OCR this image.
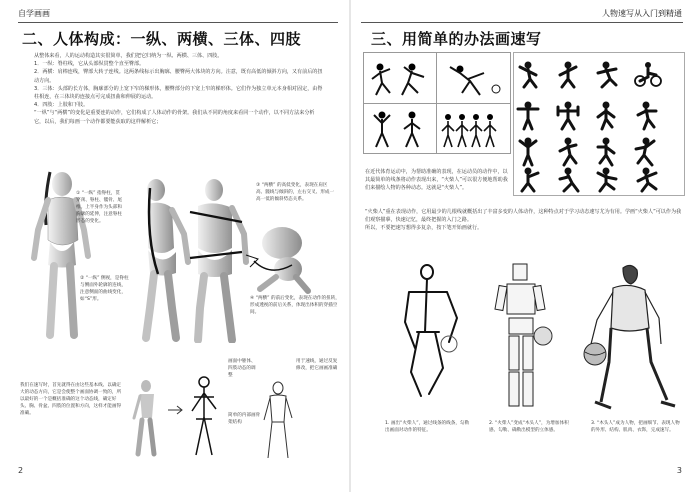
自学画画
二、人体构成：一纵、两横、三体、四肢

从整体来看，人的运动构造其实很简单，我们把它归纳为一纵、两横、三体、四肢。

1．一纵：脊柱线，它从头部纵贯整个直至臀部。

2．两横：肩棒连线，臀部大转子连线。这两条线标示出胸廓、腰臀两大体块的方向。注意，既有高低的倾斜方向，又有前后的扭动方向。

3．三体：头部的长方体，胸廓部分的上宽下窄的梯形体，腰臀部分的下宽上窄的梯形体。它们作为独立单元本身相对固定，由脊柱相连，在三体块的连接点可完成扭曲和伸展的运动。

4．四肢：上肢和下肢。

“一纵”与“两横”的变化是重要连的动作，它们构成了人体动作的骨架。我们从不同的角度来看同一个动作，以不同方法来分析它，以后，我们每画一个动作都要能获取的这样解析它；

① “一纵” 指脊柱，贯穿颈、脊柱、骶骨、尾椎。上半身作为头部和胸廓的延伸，注意脊柱形态的变化。
② “一纵” 侧视，是脊柱与侧面外轮廓的连线，注意侧面的曲线变化，如“S”形。
③ “两横” 的高低变化，表现在肩区高、髋线与倾斜的，左右交叉、形成一高一低的倾斜势态关系。
④ “两横” 的前后变化，表现在动作的扭转，形成透视的前后关系，体现出体积的穿插空间。
我们在速写时，首先就得在由这些基本线、以确定大的动态方向，它是会使整个画面协调一致的，所以最好的一个是概括准确的这个动态线，确定好头、胸、骨盆、四肢的位置和方向，这样才能画得准确。
画面中躯体、四肢动态的调整
简单的内部画骨架结构
用于速线，通过反复修改，把它画画准确
2
人物速写从入门到精通
三、用简单的办法画速写

在近代体育运动中，为帮助准确的表现，在运动员的动作中，以其最简单的线条将动作表现出来，“火柴人”可以很方便地帮助我们来描绘人物的各种动态。这就是“火柴人”。

“火柴人”重在表现动作，它用最少的几根线就概括出了丰富多变的人体动作，这种特点对于学习动态速写尤为有用。学画“火柴人”可以作为我们观察描摹，快速记忆，最终把握的入门之路。

所以，不要把速写想得多复杂，按下笔开始画就行。

1. 画出“火柴人”，通过线条的线条，勾勒出画面对动作的特征。
2. “火柴人”变成“木头人”，为增加体积感、勾勒、确勒出模型的立体感。
3. “木头人”成为人物，把画细节、表现人物的外形、结构、肌肉、衣饰，完成速写。
3
